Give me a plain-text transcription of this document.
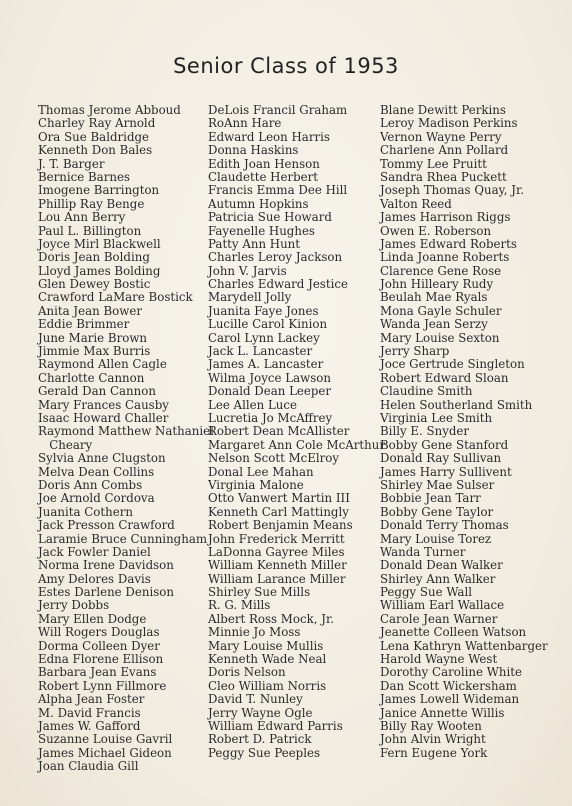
Senior Class of 1953
Thomas Jerome Abboud
Charley Ray Arnold
Ora Sue Baldridge
Kenneth Don Bales
J. T. Barger
Bernice Barnes
Imogene Barrington
Phillip Ray Benge
Lou Ann Berry
Paul L. Billington
Joyce Mirl Blackwell
Doris Jean Bolding
Lloyd James Bolding
Glen Dewey Bostic
Crawford LaMare Bostick
Anita Jean Bower
Eddie Brimmer
June Marie Brown
Jimmie Max Burris
Raymond Allen Cagle
Charlotte Cannon
Gerald Dan Cannon
Mary Frances Causby
Isaac Howard Challer
Raymond Matthew Nathaniel
Cheary
Sylvia Anne Clugston
Melva Dean Collins
Doris Ann Combs
Joe Arnold Cordova
Juanita Cothern
Jack Presson Crawford
Laramie Bruce Cunningham
Jack Fowler Daniel
Norma Irene Davidson
Amy Delores Davis
Estes Darlene Denison
Jerry Dobbs
Mary Ellen Dodge
Will Rogers Douglas
Dorma Colleen Dyer
Edna Florene Ellison
Barbara Jean Evans
Robert Lynn Fillmore
Alpha Jean Foster
M. David Francis
James W. Gafford
Suzanne Louise Gavril
James Michael Gideon
Joan Claudia Gill
DeLois Francil Graham
RoAnn Hare
Edward Leon Harris
Donna Haskins
Edith Joan Henson
Claudette Herbert
Francis Emma Dee Hill
Autumn Hopkins
Patricia Sue Howard
Fayenelle Hughes
Patty Ann Hunt
Charles Leroy Jackson
John V. Jarvis
Charles Edward Jestice
Marydell Jolly
Juanita Faye Jones
Lucille Carol Kinion
Carol Lynn Lackey
Jack L. Lancaster
James A. Lancaster
Wilma Joyce Lawson
Donald Dean Leeper
Lee Allen Luce
Lucretia Jo McAffrey
Robert Dean McAllister
Margaret Ann Cole McArthur
Nelson Scott McElroy
Donal Lee Mahan
Virginia Malone
Otto Vanwert Martin III
Kenneth Carl Mattingly
Robert Benjamin Means
John Frederick Merritt
LaDonna Gayree Miles
William Kenneth Miller
William Larance Miller
Shirley Sue Mills
R. G. Mills
Albert Ross Mock, Jr.
Minnie Jo Moss
Mary Louise Mullis
Kenneth Wade Neal
Doris Nelson
Cleo William Norris
David T. Nunley
Jerry Wayne Ogle
William Edward Parris
Robert D. Patrick
Peggy Sue Peeples
Blane Dewitt Perkins
Leroy Madison Perkins
Vernon Wayne Perry
Charlene Ann Pollard
Tommy Lee Pruitt
Sandra Rhea Puckett
Joseph Thomas Quay, Jr.
Valton Reed
James Harrison Riggs
Owen E. Roberson
James Edward Roberts
Linda Joanne Roberts
Clarence Gene Rose
John Hilleary Rudy
Beulah Mae Ryals
Mona Gayle Schuler
Wanda Jean Serzy
Mary Louise Sexton
Jerry Sharp
Joce Gertrude Singleton
Robert Edward Sloan
Claudine Smith
Helen Southerland Smith
Virginia Lee Smith
Billy E. Snyder
Bobby Gene Stanford
Donald Ray Sullivan
James Harry Sullivent
Shirley Mae Sulser
Bobbie Jean Tarr
Bobby Gene Taylor
Donald Terry Thomas
Mary Louise Torez
Wanda Turner
Donald Dean Walker
Shirley Ann Walker
Peggy Sue Wall
William Earl Wallace
Carole Jean Warner
Jeanette Colleen Watson
Lena Kathryn Wattenbarger
Harold Wayne West
Dorothy Caroline White
Dan Scott Wickersham
James Lowell Wideman
Janice Annette Willis
Billy Ray Wooten
John Alvin Wright
Fern Eugene York
